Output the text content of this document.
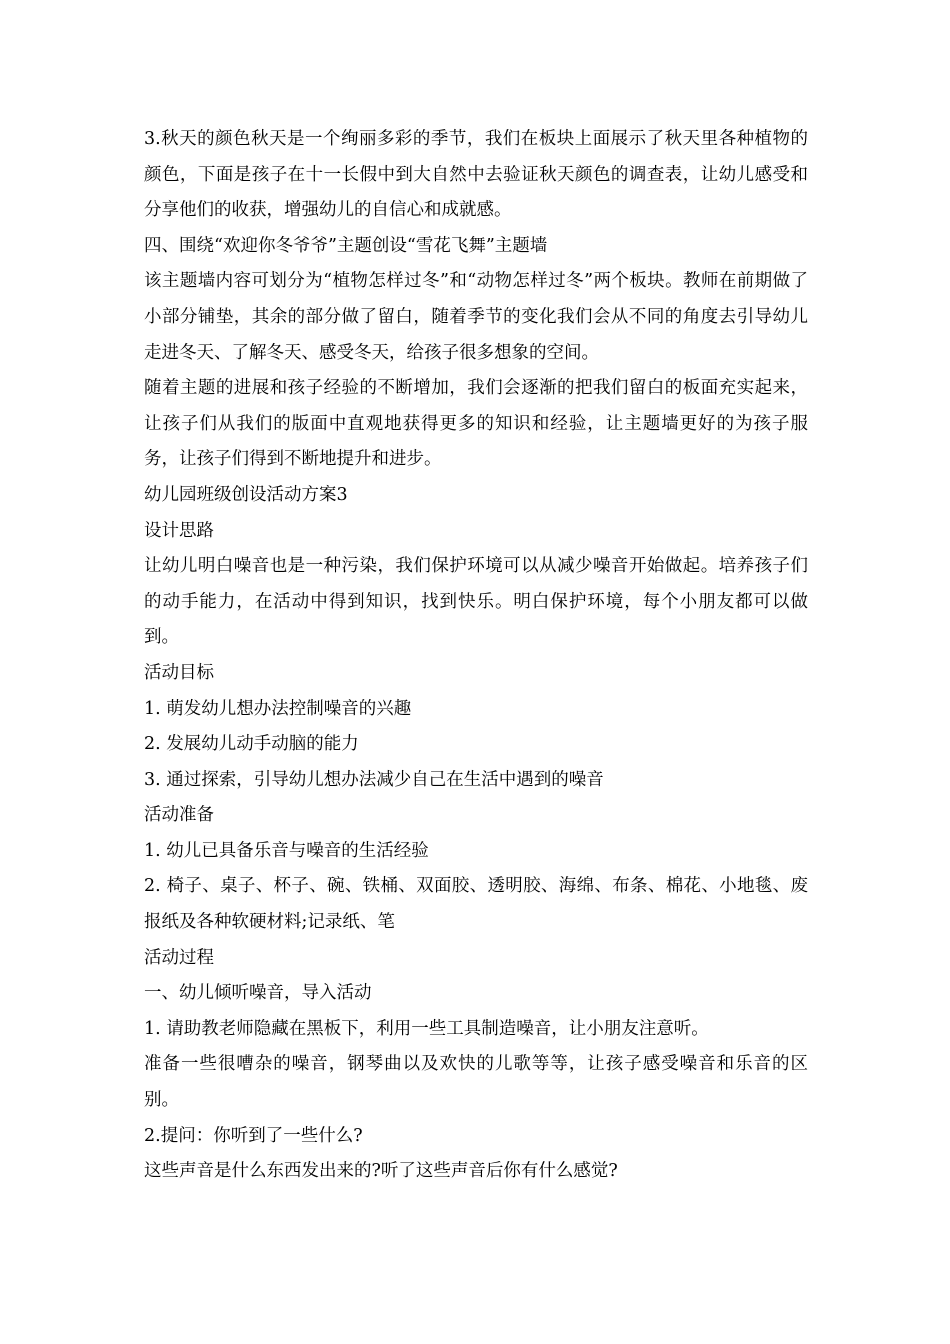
3.秋天的颜色秋天是一个绚丽多彩的季节，我们在板块上面展示了秋天里各种植物的颜色，下面是孩子在十一长假中到大自然中去验证秋天颜色的调查表，让幼儿感受和分享他们的收获，增强幼儿的自信心和成就感。

四、围绕“欢迎你冬爷爷”主题创设“雪花飞舞”主题墙

该主题墙内容可划分为“植物怎样过冬”和“动物怎样过冬”两个板块。教师在前期做了小部分铺垫，其余的部分做了留白，随着季节的变化我们会从不同的角度去引导幼儿走进冬天、了解冬天、感受冬天，给孩子很多想象的空间。

随着主题的进展和孩子经验的不断增加，我们会逐渐的把我们留白的板面充实起来，让孩子们从我们的版面中直观地获得更多的知识和经验，让主题墙更好的为孩子服务，让孩子们得到不断地提升和进步。

幼儿园班级创设活动方案3

设计思路

让幼儿明白噪音也是一种污染，我们保护环境可以从减少噪音开始做起。培养孩子们的动手能力，在活动中得到知识，找到快乐。明白保护环境，每个小朋友都可以做到。

活动目标

1. 萌发幼儿想办法控制噪音的兴趣

2. 发展幼儿动手动脑的能力

3. 通过探索，引导幼儿想办法减少自己在生活中遇到的噪音

活动准备

1. 幼儿已具备乐音与噪音的生活经验

2. 椅子、桌子、杯子、碗、铁桶、双面胶、透明胶、海绵、布条、棉花、小地毯、废报纸及各种软硬材料;记录纸、笔

活动过程

一、幼儿倾听噪音，导入活动

1. 请助教老师隐藏在黑板下，利用一些工具制造噪音，让小朋友注意听。

准备一些很嘈杂的噪音，钢琴曲以及欢快的儿歌等等，让孩子感受噪音和乐音的区别。

2.提问：你听到了一些什么?

这些声音是什么东西发出来的?听了这些声音后你有什么感觉?
